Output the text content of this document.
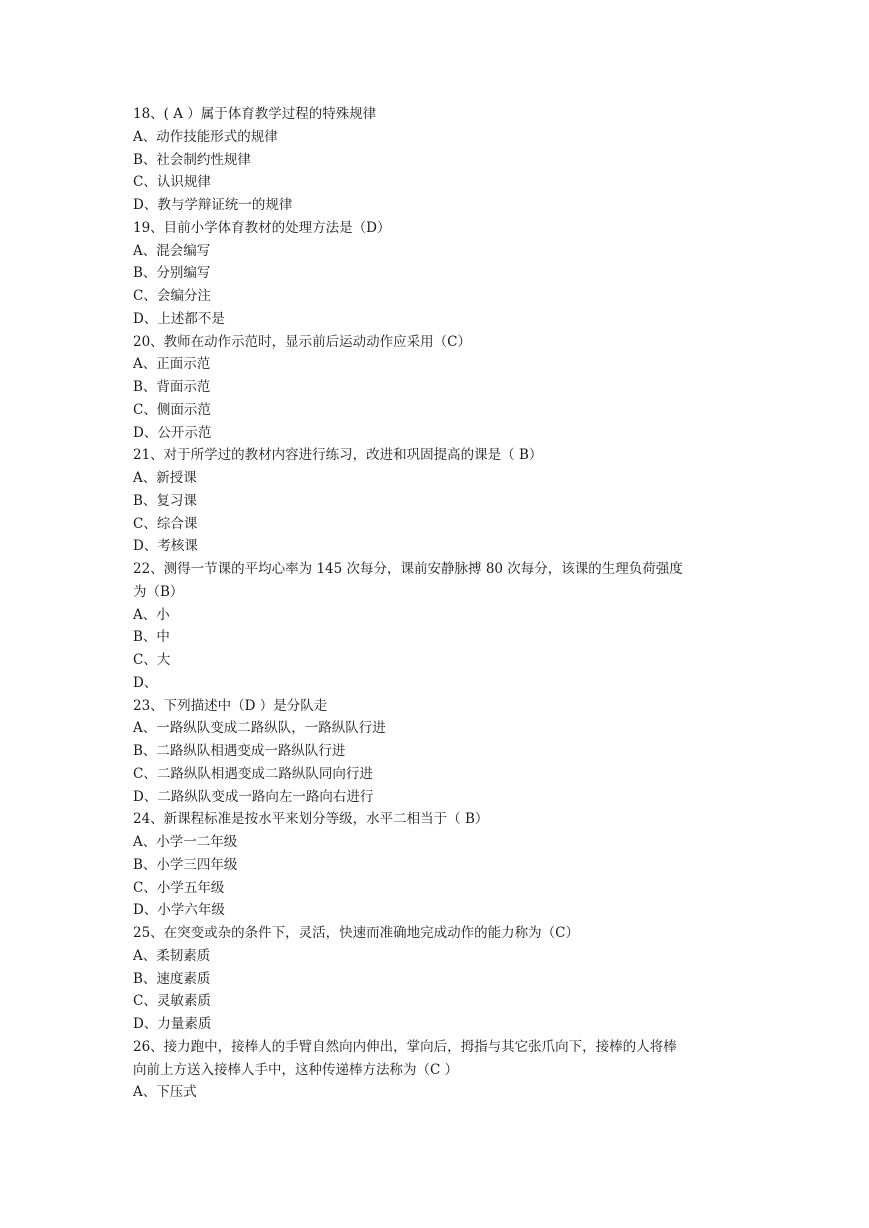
18、( A ）属于体育教学过程的特殊规律
A、动作技能形式的规律
B、社会制约性规律
C、认识规律
D、教与学辩证统一的规律
19、目前小学体育教材的处理方法是（D）
A、混会编写
B、分别编写
C、会编分注
D、上述都不是
20、教师在动作示范时，显示前后运动动作应采用（C）
A、正面示范
B、背面示范
C、侧面示范
D、公开示范
21、对于所学过的教材内容进行练习，改进和巩固提高的课是（ B）
A、新授课
B、复习课
C、综合课
D、考核课
22、测得一节课的平均心率为 145 次每分，课前安静脉搏 80 次每分，该课的生理负荷强度
为（B）
A、小
B、中
C、大
D、
23、下列描述中（D ）是分队走
A、一路纵队变成二路纵队，一路纵队行进
B、二路纵队相遇变成一路纵队行进
C、二路纵队相遇变成二路纵队同向行进
D、二路纵队变成一路向左一路向右进行
24、新课程标准是按水平来划分等级，水平二相当于（ B）
A、小学一二年级
B、小学三四年级
C、小学五年级
D、小学六年级
25、在突变或杂的条件下，灵活，快速而准确地完成动作的能力称为（C）
A、柔韧素质
B、速度素质
C、灵敏素质
D、力量素质
26、接力跑中，接棒人的手臂自然向内伸出，掌向后，拇指与其它张爪向下，接棒的人将棒
向前上方送入接棒人手中，这种传递棒方法称为（C ）
A、下压式
